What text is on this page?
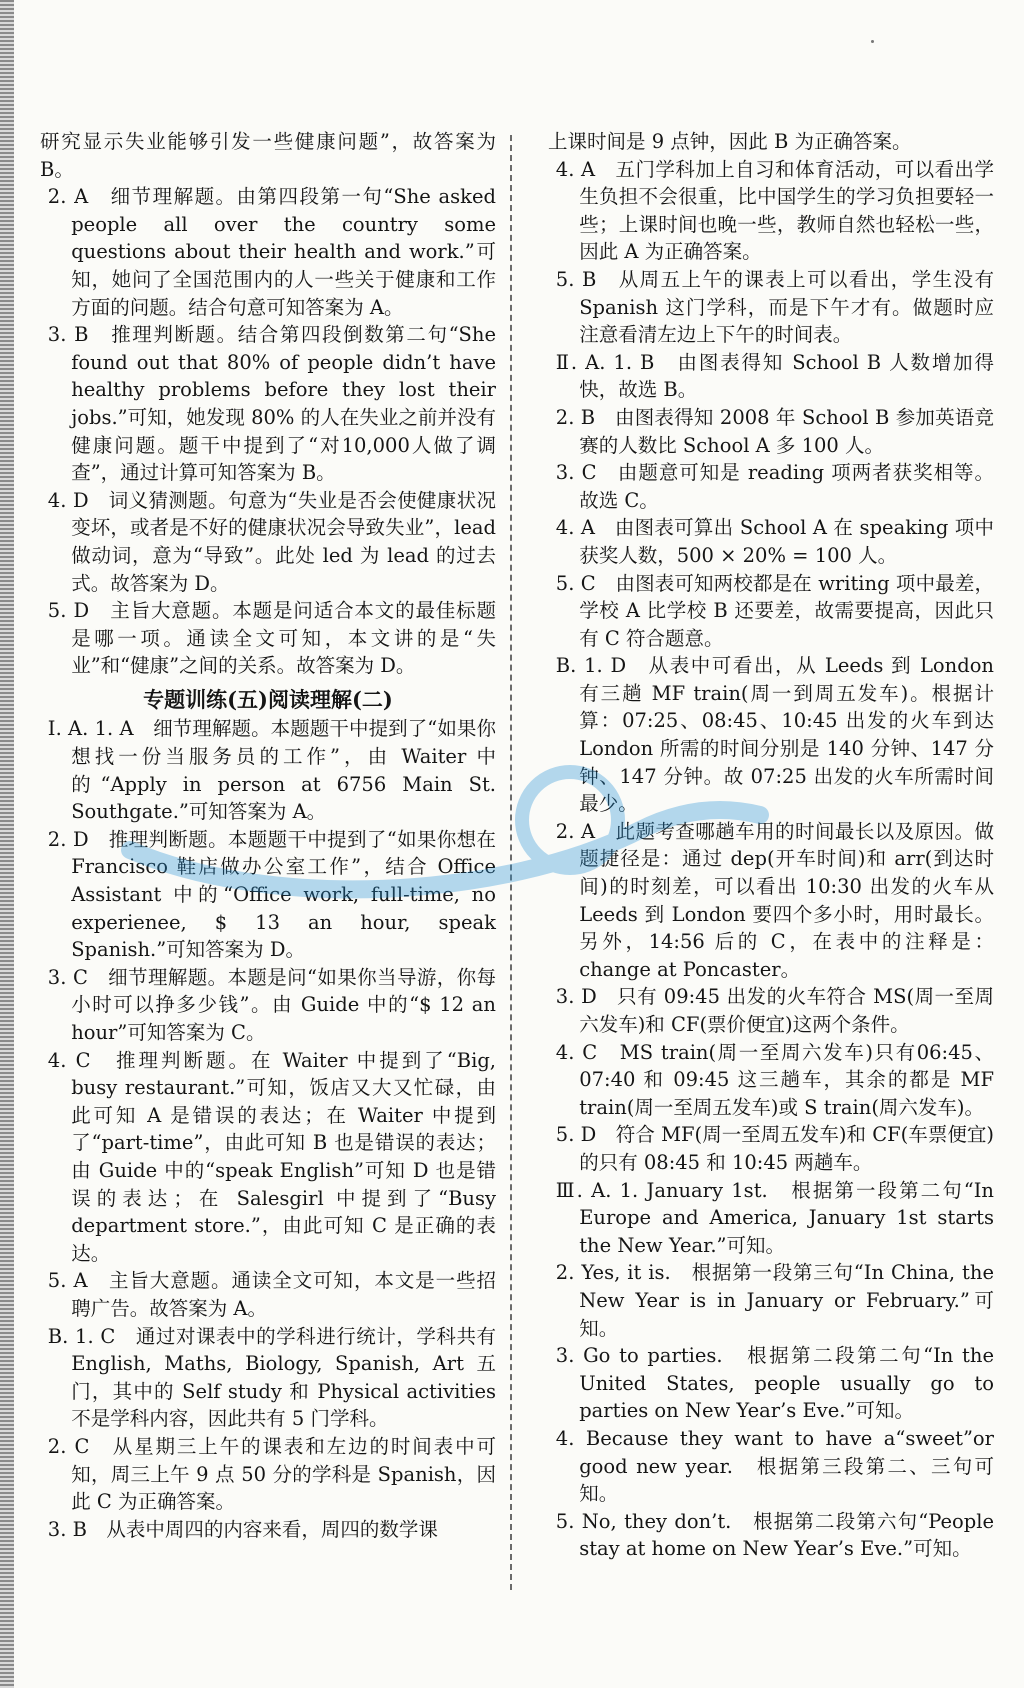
研究显示失业能够引发一些健康问题”，故答案为 B。

2. A　细节理解题。由第四段第一句“She asked people all over the country some questions about their health and work.”可知，她问了全国范围内的人一些关于健康和工作方面的问题。结合句意可知答案为 A。

3. B　推理判断题。结合第四段倒数第二句“She found out that 80% of people didn’t have healthy problems before they lost their jobs.”可知，她发现 80% 的人在失业之前并没有健康问题。题干中提到了“对10,000人做了调查”，通过计算可知答案为 B。

4. D　词义猜测题。句意为“失业是否会使健康状况变坏，或者是不好的健康状况会导致失业”，lead 做动词，意为“导致”。此处 led 为 lead 的过去式。故答案为 D。

5. D　主旨大意题。本题是问适合本文的最佳标题是哪一项。通读全文可知，本文讲的是“失业”和“健康”之间的关系。故答案为 D。

专题训练(五)阅读理解(二)

Ⅰ. A. 1. A　细节理解题。本题题干中提到了“如果你想找一份当服务员的工作”，由 Waiter 中的“Apply in person at 6756 Main St. Southgate.”可知答案为 A。

2. D　推理判断题。本题题干中提到了“如果你想在 Francisco 鞋店做办公室工作”，结合 Office Assistant 中的“Office work, full-time, no experienee, $ 13 an hour, speak Spanish.”可知答案为 D。

3. C　细节理解题。本题是问“如果你当导游，你每小时可以挣多少钱”。由 Guide 中的“$ 12 an hour”可知答案为 C。

4. C　推理判断题。在 Waiter 中提到了“Big, busy restaurant.”可知，饭店又大又忙碌，由此可知 A 是错误的表达；在 Waiter 中提到了“part-time”，由此可知 B 也是错误的表达；由 Guide 中的“speak English”可知 D 也是错误的表达；在 Salesgirl 中提到了“Busy department store.”，由此可知 C 是正确的表达。

5. A　主旨大意题。通读全文可知，本文是一些招聘广告。故答案为 A。

B. 1. C　通过对课表中的学科进行统计，学科共有 English, Maths, Biology, Spanish, Art 五门，其中的 Self study 和 Physical activities 不是学科内容，因此共有 5 门学科。

2. C　从星期三上午的课表和左边的时间表中可知，周三上午 9 点 50 分的学科是 Spanish，因此 C 为正确答案。

3. B　从表中周四的内容来看，周四的数学课

上课时间是 9 点钟，因此 B 为正确答案。

4. A　五门学科加上自习和体育活动，可以看出学生负担不会很重，比中国学生的学习负担要轻一些；上课时间也晚一些，教师自然也轻松一些，因此 A 为正确答案。

5. B　从周五上午的课表上可以看出，学生没有 Spanish 这门学科，而是下午才有。做题时应注意看清左边上下午的时间表。

Ⅱ. A. 1. B　由图表得知 School B 人数增加得快，故选 B。

2. B　由图表得知 2008 年 School B 参加英语竞赛的人数比 School A 多 100 人。

3. C　由题意可知是 reading 项两者获奖相等。故选 C。

4. A　由图表可算出 School A 在 speaking 项中获奖人数，500 × 20% = 100 人。

5. C　由图表可知两校都是在 writing 项中最差，学校 A 比学校 B 还要差，故需要提高，因此只有 C 符合题意。

B. 1. D　从表中可看出，从 Leeds 到 London 有三趟 MF train(周一到周五发车)。根据计算：07:25、08:45、10:45 出发的火车到达 London 所需的时间分别是 140 分钟、147 分钟、147 分钟。故 07:25 出发的火车所需时间最少。

2. A　此题考查哪趟车用的时间最长以及原因。做题捷径是：通过 dep(开车时间)和 arr(到达时间)的时刻差，可以看出 10:30 出发的火车从 Leeds 到 London 要四个多小时，用时最长。另外，14:56 后的 C，在表中的注释是：change at Poncaster。

3. D　只有 09:45 出发的火车符合 MS(周一至周六发车)和 CF(票价便宜)这两个条件。

4. C　MS train(周一至周六发车)只有06:45、07:40 和 09:45 这三趟车，其余的都是 MF train(周一至周五发车)或 S train(周六发车)。

5. D　符合 MF(周一至周五发车)和 CF(车票便宜)的只有 08:45 和 10:45 两趟车。

Ⅲ. A. 1. January 1st.　根据第一段第二句“In Europe and America, January 1st starts the New Year.”可知。

2. Yes, it is.　根据第一段第三句“In China, the New Year is in January or February.”可知。

3. Go to parties.　根据第二段第二句“In the United States, people usually go to parties on New Year’s Eve.”可知。

4. Because they want to have a“sweet”or good new year.　根据第三段第二、三句可知。

5. No, they don’t.　根据第二段第六句“People stay at home on New Year’s Eve.”可知。
